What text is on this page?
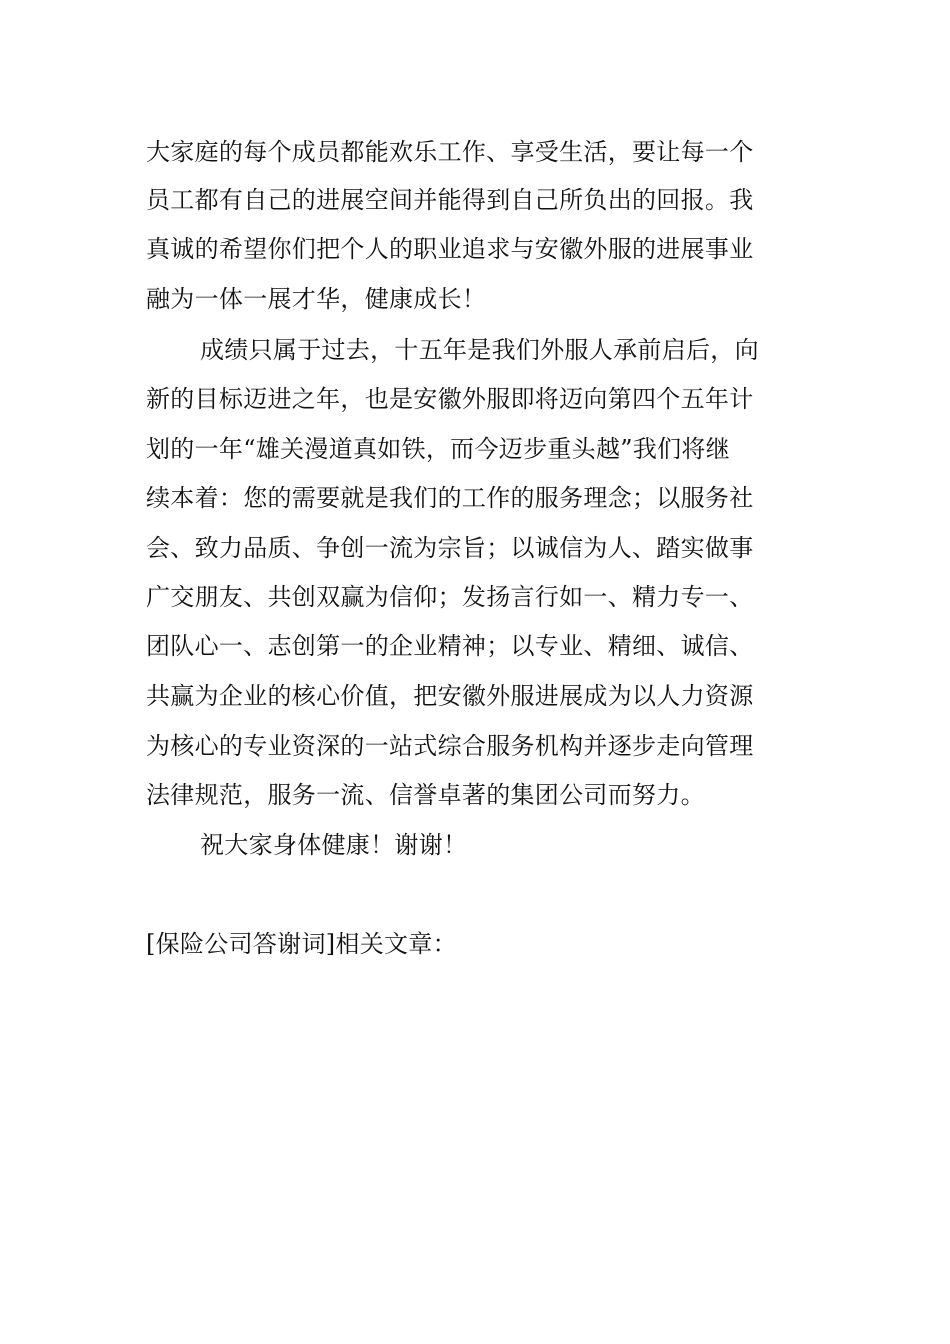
大家庭的每个成员都能欢乐工作、享受生活，要让每一个
员工都有自己的进展空间并能得到自己所负出的回报。我
真诚的希望你们把个人的职业追求与安徽外服的进展事业
融为一体一展才华，健康成长！
成绩只属于过去，十五年是我们外服人承前启后，向
新的目标迈进之年，也是安徽外服即将迈向第四个五年计
划的一年“雄关漫道真如铁，而今迈步重头越”我们将继
续本着：您的需要就是我们的工作的服务理念；以服务社
会、致力品质、争创一流为宗旨；以诚信为人、踏实做事
广交朋友、共创双赢为信仰；发扬言行如一、精力专一、
团队心一、志创第一的企业精神；以专业、精细、诚信、
共赢为企业的核心价值，把安徽外服进展成为以人力资源
为核心的专业资深的一站式综合服务机构并逐步走向管理
法律规范，服务一流、信誉卓著的集团公司而努力。
祝大家身体健康！谢谢！
[保险公司答谢词]相关文章：
